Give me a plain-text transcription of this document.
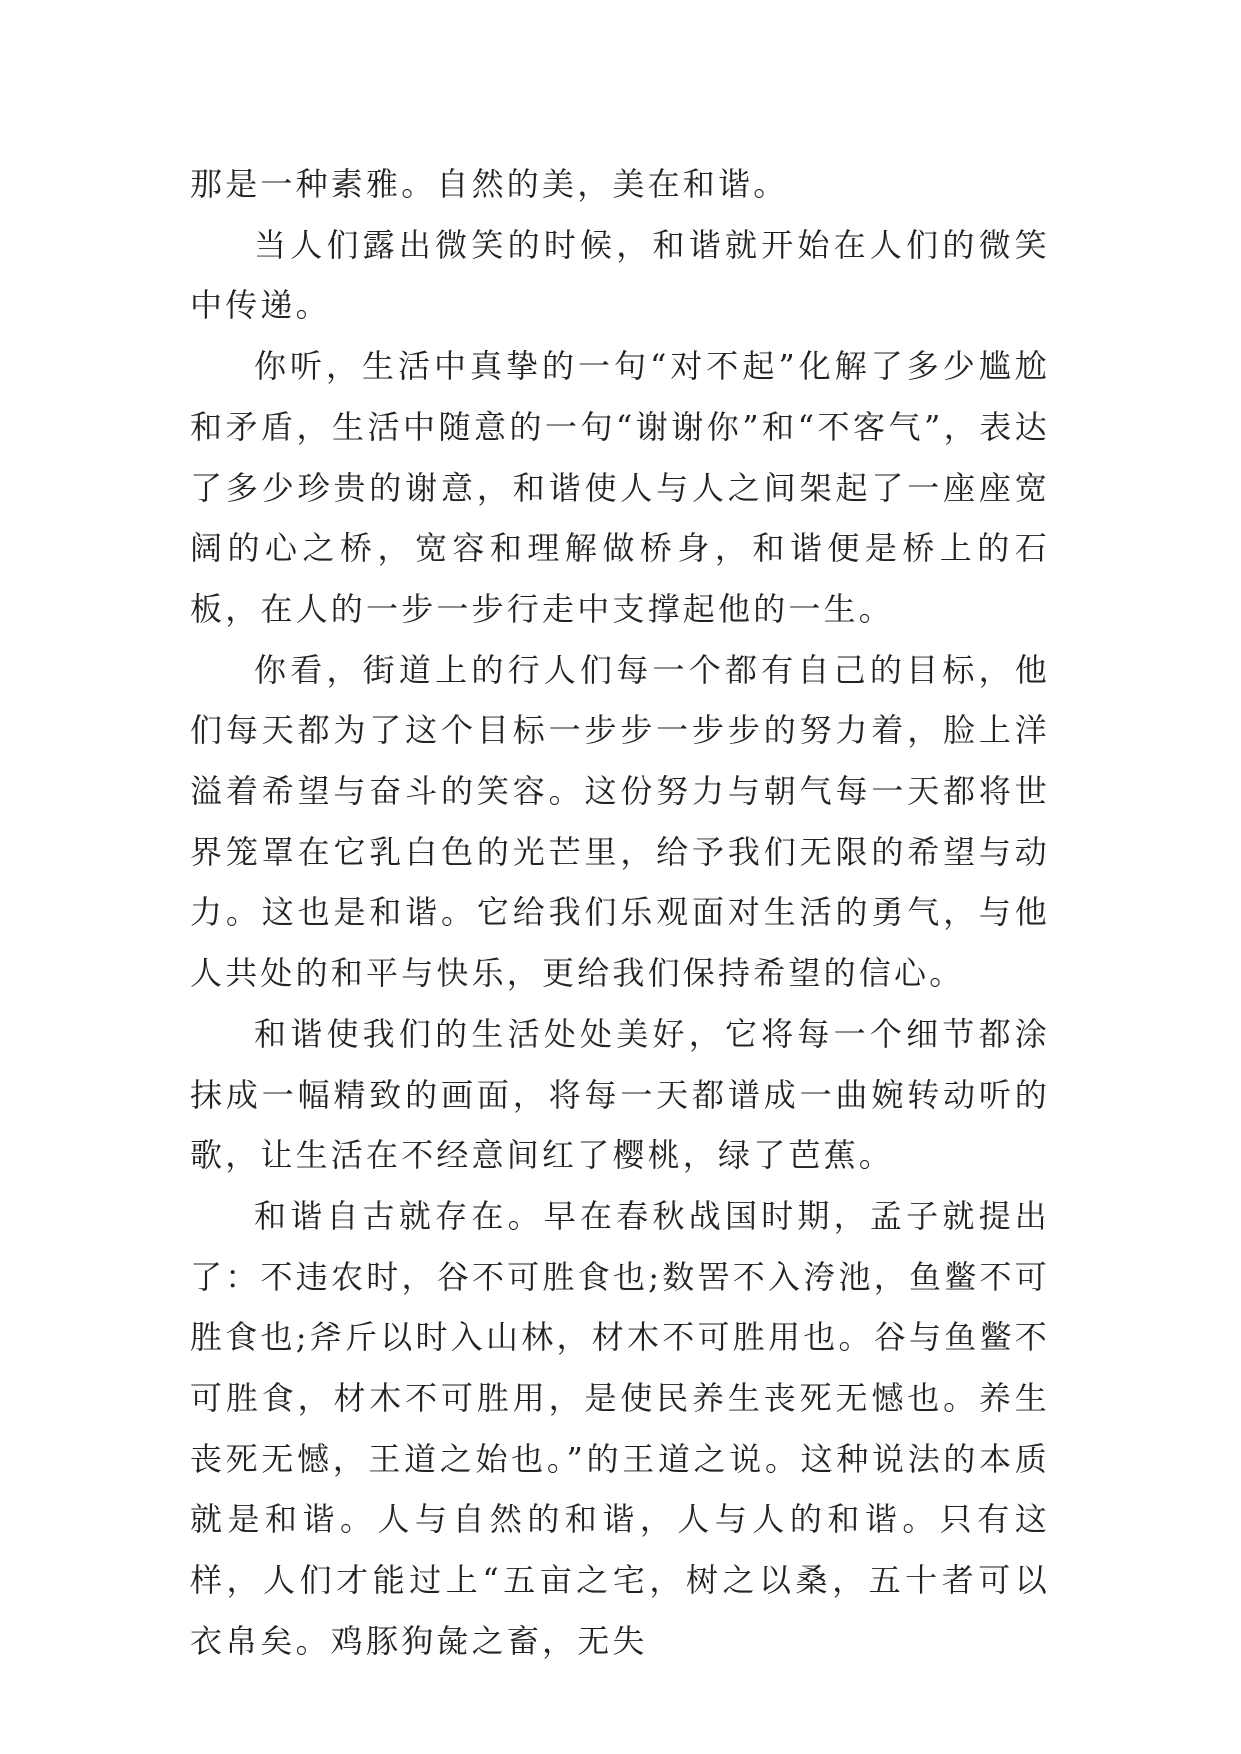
那是一种素雅。自然的美，美在和谐。

当人们露出微笑的时候，和谐就开始在人们的微笑中传递。

你听，生活中真挚的一句“对不起”化解了多少尴尬和矛盾，生活中随意的一句“谢谢你”和“不客气”，表达了多少珍贵的谢意，和谐使人与人之间架起了一座座宽阔的心之桥，宽容和理解做桥身，和谐便是桥上的石板，在人的一步一步行走中支撑起他的一生。

你看，街道上的行人们每一个都有自己的目标，他们每天都为了这个目标一步步一步步的努力着，脸上洋溢着希望与奋斗的笑容。这份努力与朝气每一天都将世界笼罩在它乳白色的光芒里，给予我们无限的希望与动力。这也是和谐。它给我们乐观面对生活的勇气，与他人共处的和平与快乐，更给我们保持希望的信心。

和谐使我们的生活处处美好，它将每一个细节都涂抹成一幅精致的画面，将每一天都谱成一曲婉转动听的歌，让生活在不经意间红了樱桃，绿了芭蕉。

和谐自古就存在。早在春秋战国时期，孟子就提出了：不违农时，谷不可胜食也;数罟不入洿池，鱼鳖不可胜食也;斧斤以时入山林，材木不可胜用也。谷与鱼鳖不可胜食，材木不可胜用，是使民养生丧死无憾也。养生丧死无憾，王道之始也。”的王道之说。这种说法的本质就是和谐。人与自然的和谐，人与人的和谐。只有这样，人们才能过上“五亩之宅，树之以桑，五十者可以衣帛矣。鸡豚狗彘之畜，无失
